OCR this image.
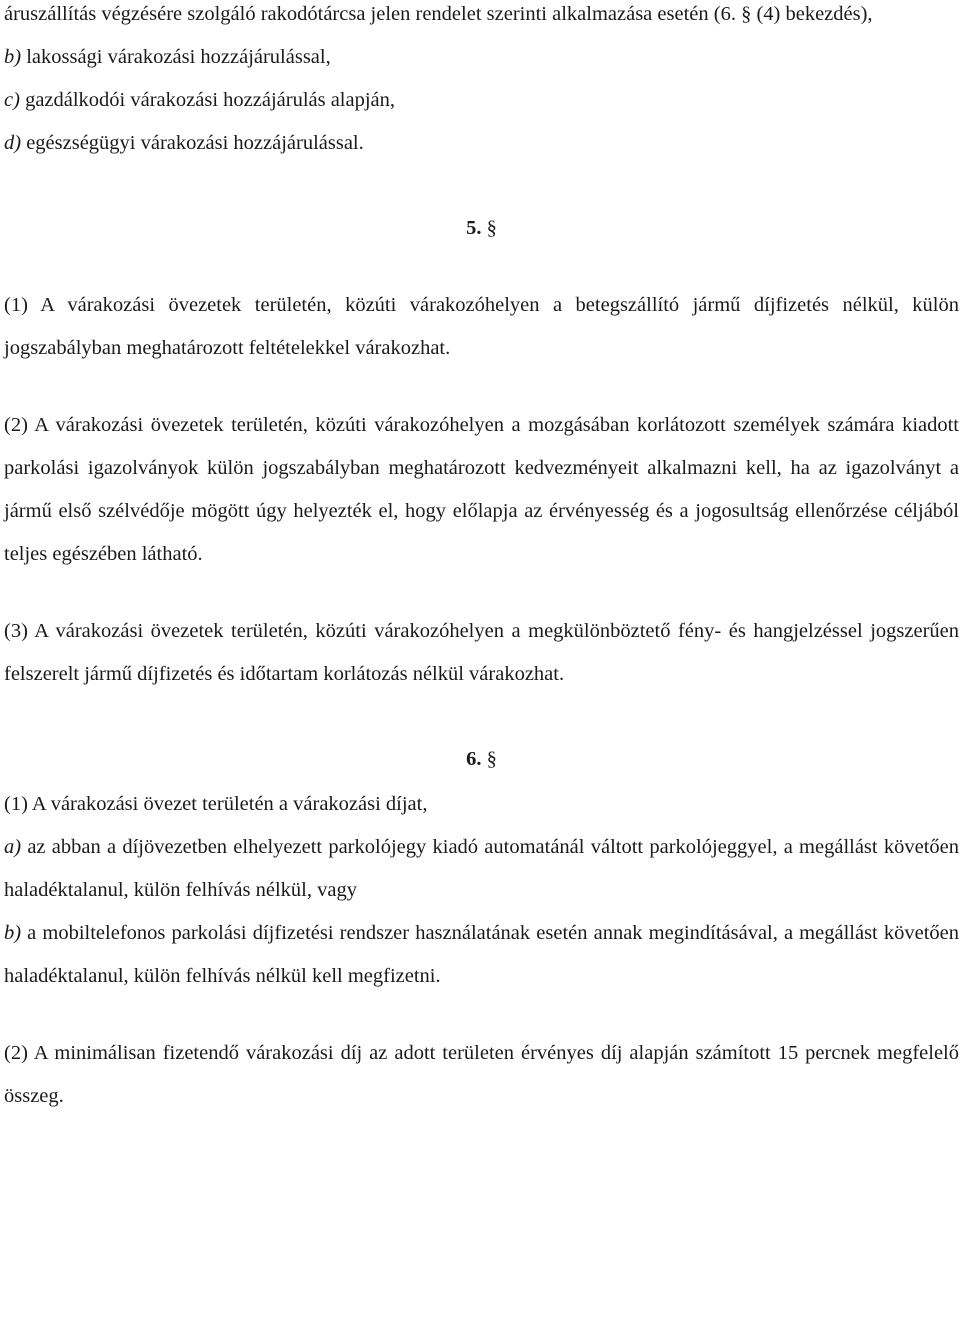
áruszállítás végzésére szolgáló rakodótárcsa jelen rendelet szerinti alkalmazása esetén (6. § (4) bekezdés),

b) lakossági várakozási hozzájárulással,

c) gazdálkodói várakozási hozzájárulás alapján,

d) egészségügyi várakozási hozzájárulással.

5. §

(1) A várakozási övezetek területén, közúti várakozóhelyen a betegszállító jármű díjfizetés nélkül, külön jogszabályban meghatározott feltételekkel várakozhat.

(2) A várakozási övezetek területén, közúti várakozóhelyen a mozgásában korlátozott személyek számára kiadott parkolási igazolványok külön jogszabályban meghatározott kedvezményeit alkalmazni kell, ha az igazolványt a jármű első szélvédője mögött úgy helyezték el, hogy előlapja az érvényesség és a jogosultság ellenőrzése céljából teljes egészében látható.

(3) A várakozási övezetek területén, közúti várakozóhelyen a megkülönböztető fény- és hangjelzéssel jogszerűen felszerelt jármű díjfizetés és időtartam korlátozás nélkül várakozhat.

6. §

(1) A várakozási övezet területén a várakozási díjat,

a) az abban a díjövezetben elhelyezett parkolójegy kiadó automatánál váltott parkolójeggyel, a megállást követően haladéktalanul, külön felhívás nélkül, vagy

b) a mobiltelefonos parkolási díjfizetési rendszer használatának esetén annak megindításával, a megállást követően haladéktalanul, külön felhívás nélkül kell megfizetni.

(2) A minimálisan fizetendő várakozási díj az adott területen érvényes díj alapján számított 15 percnek megfelelő összeg.
